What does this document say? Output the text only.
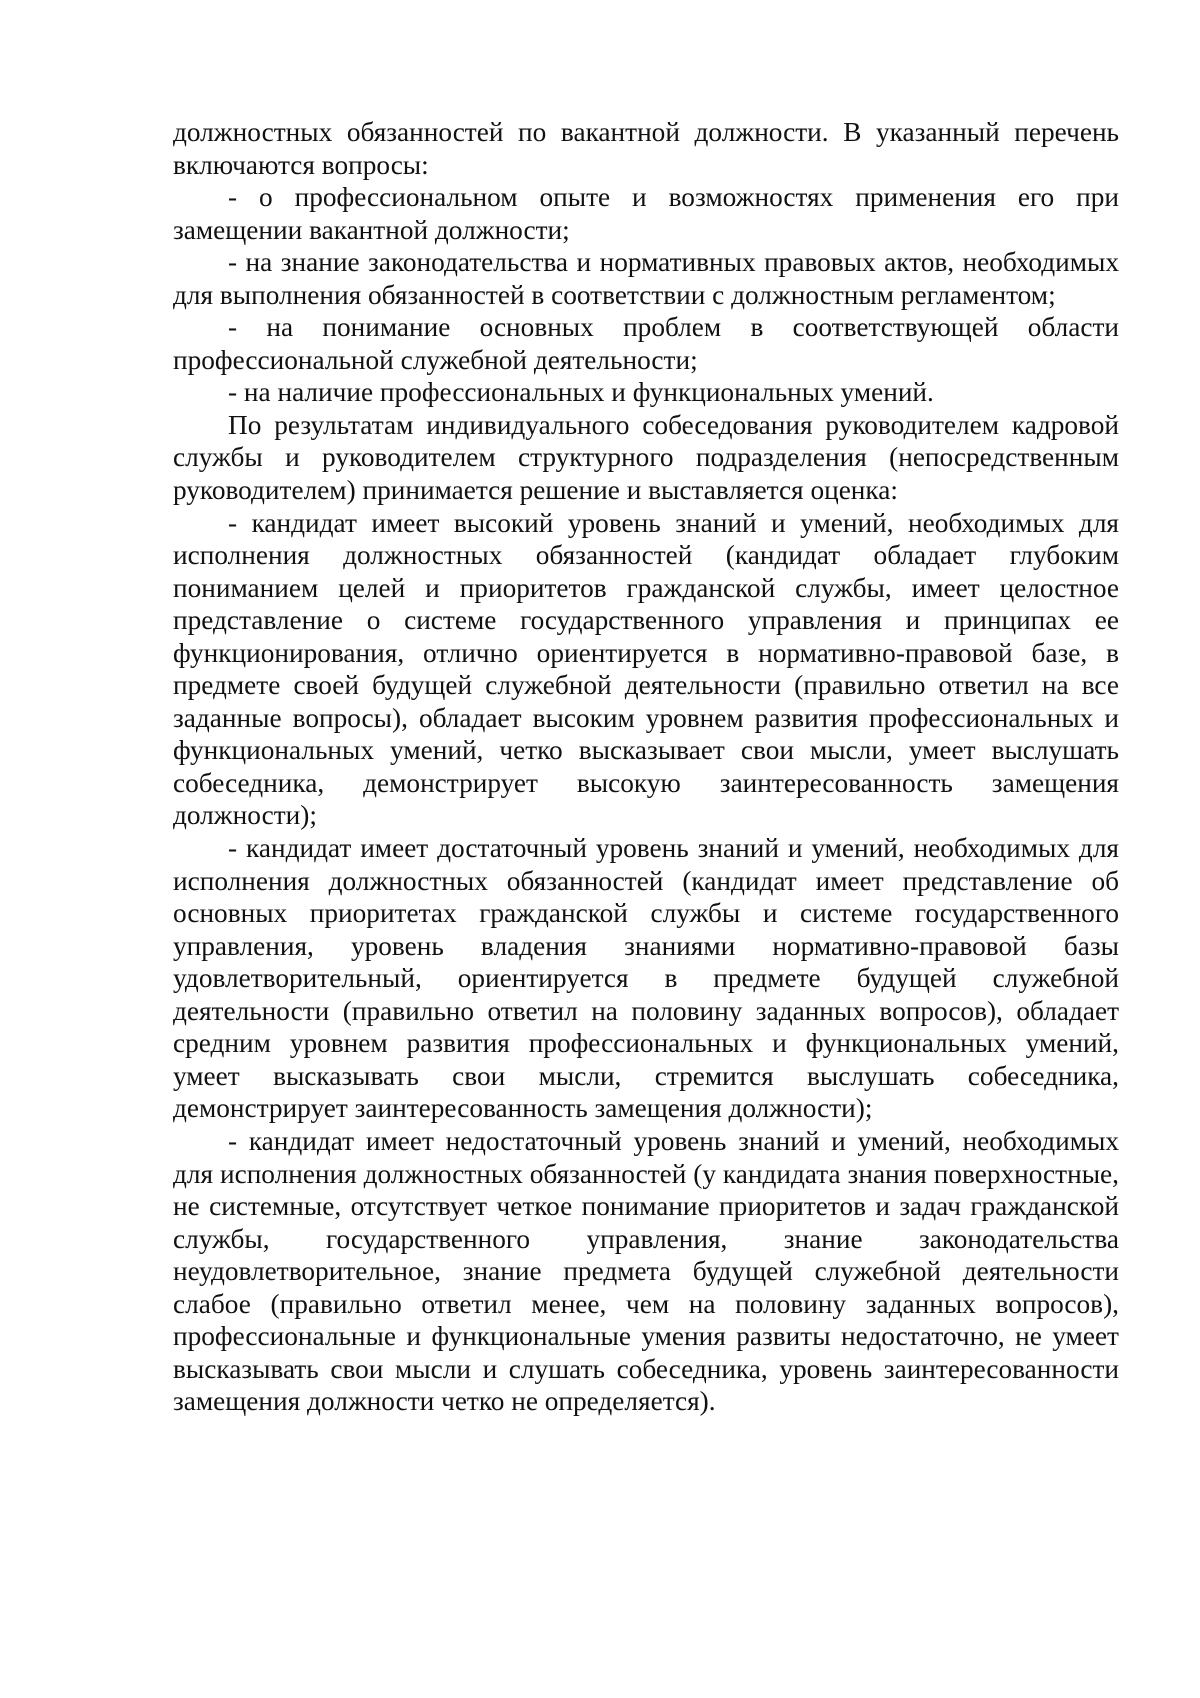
должностных обязанностей по вакантной должности. В указанный перечень включаются вопросы:

- о профессиональном опыте и возможностях применения его при замещении вакантной должности;

- на знание законодательства и нормативных правовых актов, необходимых для выполнения обязанностей в соответствии с должностным регламентом;

- на понимание основных проблем в соответствующей области профессиональной служебной деятельности;

- на наличие профессиональных и функциональных умений.

По результатам индивидуального собеседования руководителем кадровой службы и руководителем структурного подразделения (непосредственным руководителем) принимается решение и выставляется оценка:

- кандидат имеет высокий уровень знаний и умений, необходимых для исполнения должностных обязанностей (кандидат обладает глубоким пониманием целей и приоритетов гражданской службы, имеет целостное представление о системе государственного управления и принципах ее функционирования, отлично ориентируется в нормативно-правовой базе, в предмете своей будущей служебной деятельности (правильно ответил на все заданные вопросы), обладает высоким уровнем развития профессиональных и функциональных умений, четко высказывает свои мысли, умеет выслушать собеседника, демонстрирует высокую заинтересованность замещения должности);

- кандидат имеет достаточный уровень знаний и умений, необходимых для исполнения должностных обязанностей (кандидат имеет представление об основных приоритетах гражданской службы и системе государственного управления, уровень владения знаниями нормативно-правовой базы удовлетворительный, ориентируется в предмете будущей служебной деятельности (правильно ответил на половину заданных вопросов), обладает средним уровнем развития профессиональных и функциональных умений, умеет высказывать свои мысли, стремится выслушать собеседника, демонстрирует заинтересованность замещения должности);

- кандидат имеет недостаточный уровень знаний и умений, необходимых для исполнения должностных обязанностей (у кандидата знания поверхностные, не системные, отсутствует четкое понимание приоритетов и задач гражданской службы, государственного управления, знание законодательства неудовлетворительное, знание предмета будущей служебной деятельности слабое (правильно ответил менее, чем на половину заданных вопросов), профессиональные и функциональные умения развиты недостаточно, не умеет высказывать свои мысли и слушать собеседника, уровень заинтересованности замещения должности четко не определяется).
